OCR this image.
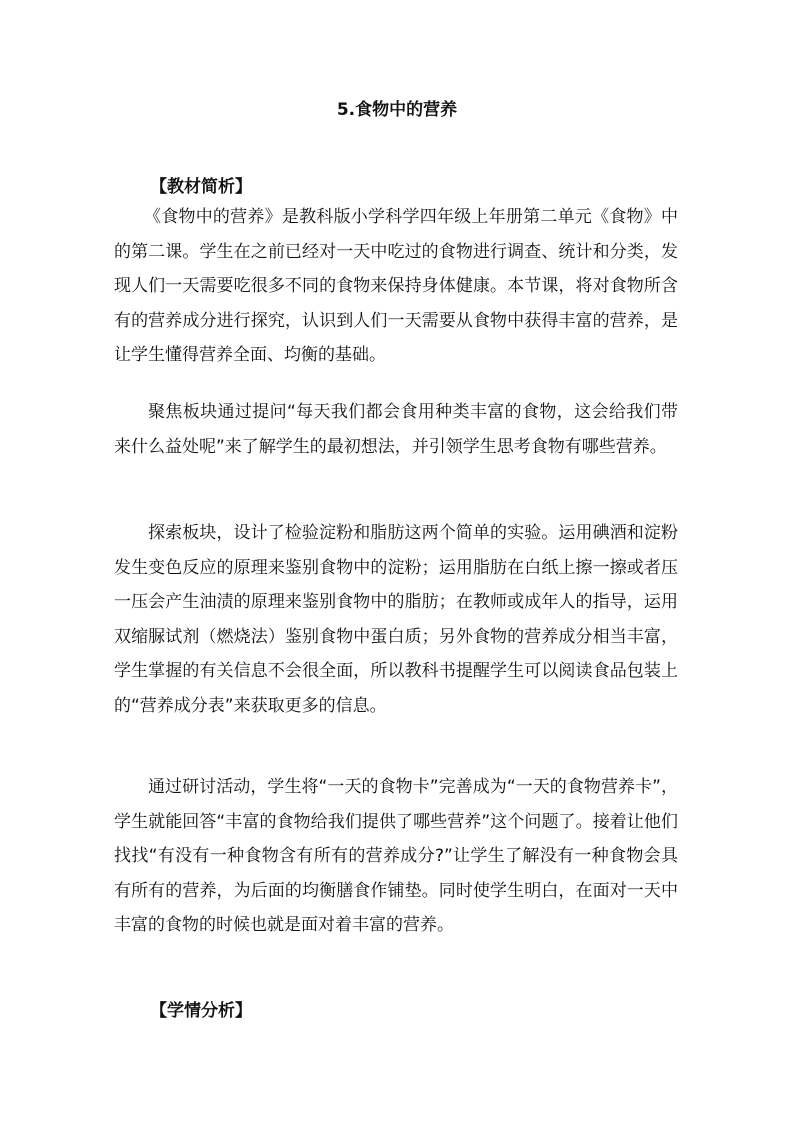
5.食物中的营养
【教材简析】

《食物中的营养》是教科版小学科学四年级上年册第二单元《食物》中的第二课。学生在之前已经对一天中吃过的食物进行调查、统计和分类，发现人们一天需要吃很多不同的食物来保持身体健康。本节课，将对食物所含有的营养成分进行探究，认识到人们一天需要从食物中获得丰富的营养，是让学生懂得营养全面、均衡的基础。

聚焦板块通过提问“每天我们都会食用种类丰富的食物，这会给我们带来什么益处呢”来了解学生的最初想法，并引领学生思考食物有哪些营养。

探索板块，设计了检验淀粉和脂肪这两个简单的实验。运用碘酒和淀粉发生变色反应的原理来鉴别食物中的淀粉；运用脂肪在白纸上擦一擦或者压一压会产生油渍的原理来鉴别食物中的脂肪；在教师或成年人的指导，运用双缩脲试剂（燃烧法）鉴别食物中蛋白质；另外食物的营养成分相当丰富，学生掌握的有关信息不会很全面，所以教科书提醒学生可以阅读食品包装上的“营养成分表”来获取更多的信息。

通过研讨活动，学生将“一天的食物卡”完善成为“一天的食物营养卡”，学生就能回答“丰富的食物给我们提供了哪些营养”这个问题了。接着让他们找找“有没有一种食物含有所有的营养成分?”让学生了解没有一种食物会具有所有的营养，为后面的均衡膳食作铺垫。同时使学生明白，在面对一天中丰富的食物的时候也就是面对着丰富的营养。

【学情分析】
